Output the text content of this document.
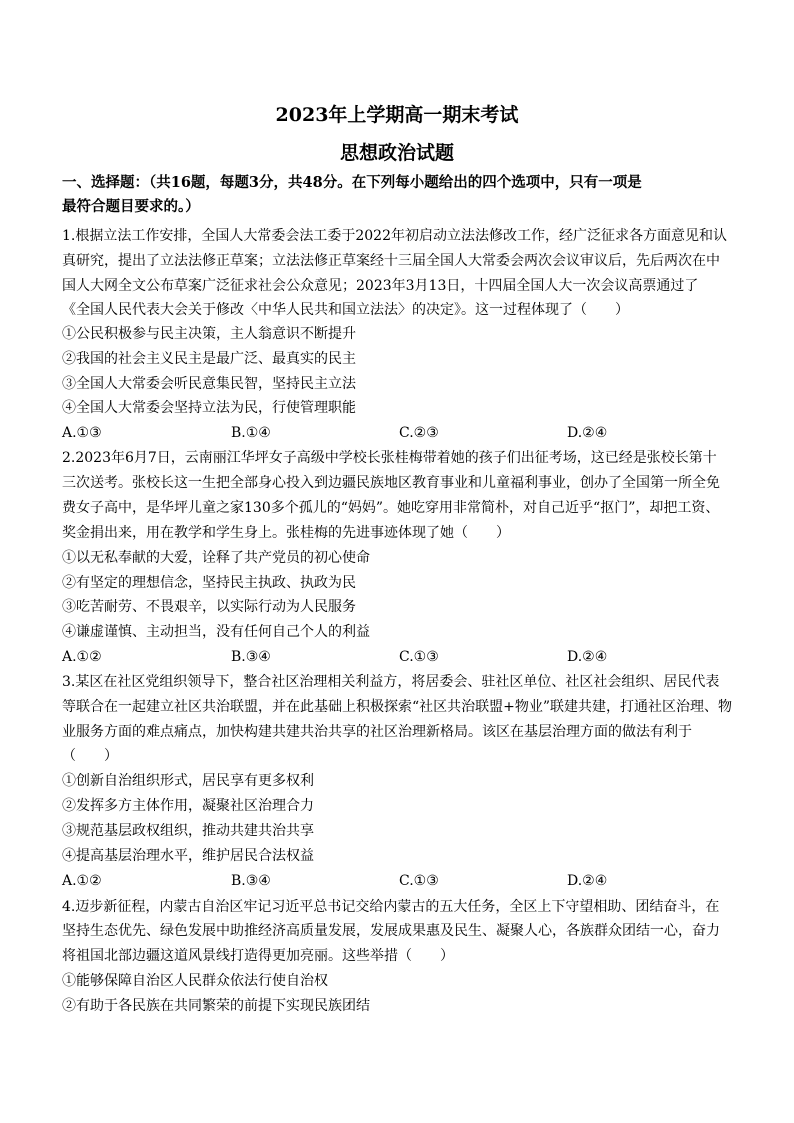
2023年上学期高一期末考试
思想政治试题
一、选择题：（共16题，每题3分，共48分。在下列每小题给出的四个选项中，只有一项是
最符合题目要求的。）
1.根据立法工作安排，全国人大常委会法工委于2022年初启动立法法修改工作，经广泛征求各方面意见和认
真研究，提出了立法法修正草案；立法法修正草案经十三届全国人大常委会两次会议审议后，先后两次在中
国人大网全文公布草案广泛征求社会公众意见；2023年3月13日，十四届全国人大一次会议高票通过了
《全国人民代表大会关于修改〈中华人民共和国立法法〉的决定》。这一过程体现了（　　）
①公民积极参与民主决策，主人翁意识不断提升
②我国的社会主义民主是最广泛、最真实的民主
③全国人大常委会听民意集民智，坚持民主立法
④全国人大常委会坚持立法为民，行使管理职能
A.①③	B.①④	C.②③	D.②④
2.2023年6月7日，云南丽江华坪女子高级中学校长张桂梅带着她的孩子们出征考场，这已经是张校长第十
三次送考。张校长这一生把全部身心投入到边疆民族地区教育事业和儿童福利事业，创办了全国第一所全免
费女子高中，是华坪儿童之家130多个孤儿的“妈妈”。她吃穿用非常简朴，对自己近乎“抠门”，却把工资、
奖金捐出来，用在教学和学生身上。张桂梅的先进事迹体现了她（　　）
①以无私奉献的大爱，诠释了共产党员的初心使命
②有坚定的理想信念，坚持民主执政、执政为民
③吃苦耐劳、不畏艰辛，以实际行动为人民服务
④谦虚谨慎、主动担当，没有任何自己个人的利益
A.①②	B.③④	C.①③	D.②④
3.某区在社区党组织领导下，整合社区治理相关利益方，将居委会、驻社区单位、社区社会组织、居民代表
等联合在一起建立社区共治联盟，并在此基础上积极探索“社区共治联盟+物业”联建共建，打通社区治理、物
业服务方面的难点痛点，加快构建共建共治共享的社区治理新格局。该区在基层治理方面的做法有利于
（　　）
①创新自治组织形式，居民享有更多权利
②发挥多方主体作用，凝聚社区治理合力
③规范基层政权组织，推动共建共治共享
④提高基层治理水平，维护居民合法权益
A.①②	B.③④	C.①③	D.②④
4.迈步新征程，内蒙古自治区牢记习近平总书记交给内蒙古的五大任务，全区上下守望相助、团结奋斗，在
坚持生态优先、绿色发展中助推经济高质量发展，发展成果惠及民生、凝聚人心，各族群众团结一心，奋力
将祖国北部边疆这道风景线打造得更加亮丽。这些举措（　　）
①能够保障自治区人民群众依法行使自治权
②有助于各民族在共同繁荣的前提下实现民族团结
